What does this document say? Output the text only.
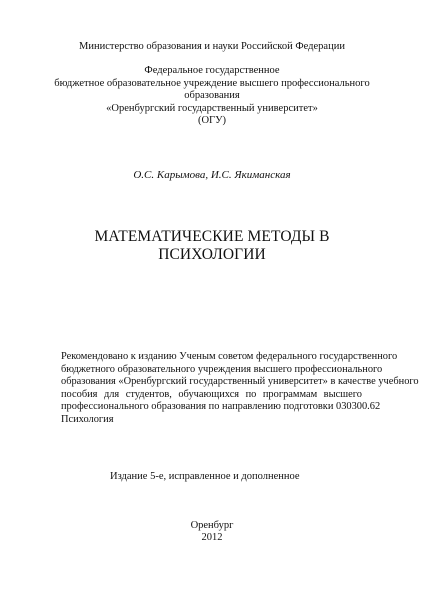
Министерство образования и науки Российской Федерации
Федеральное государственное
бюджетное образовательное учреждение высшего профессионального
образования
«Оренбургский государственный университет»
(ОГУ)
О.С. Карымова, И.С. Якиманская
МАТЕМАТИЧЕСКИЕ МЕТОДЫ В
ПСИХОЛОГИИ
Рекомендовано к изданию Ученым советом федерального государственного
бюджетного образовательного учреждения высшего профессионального
образования «Оренбургский государственный университет» в качестве учебного
пособия для студентов, обучающихся по программам высшего
профессионального образования по направлению подготовки 030300.62
Психология
Издание 5-е, исправленное и дополненное
Оренбург
2012
